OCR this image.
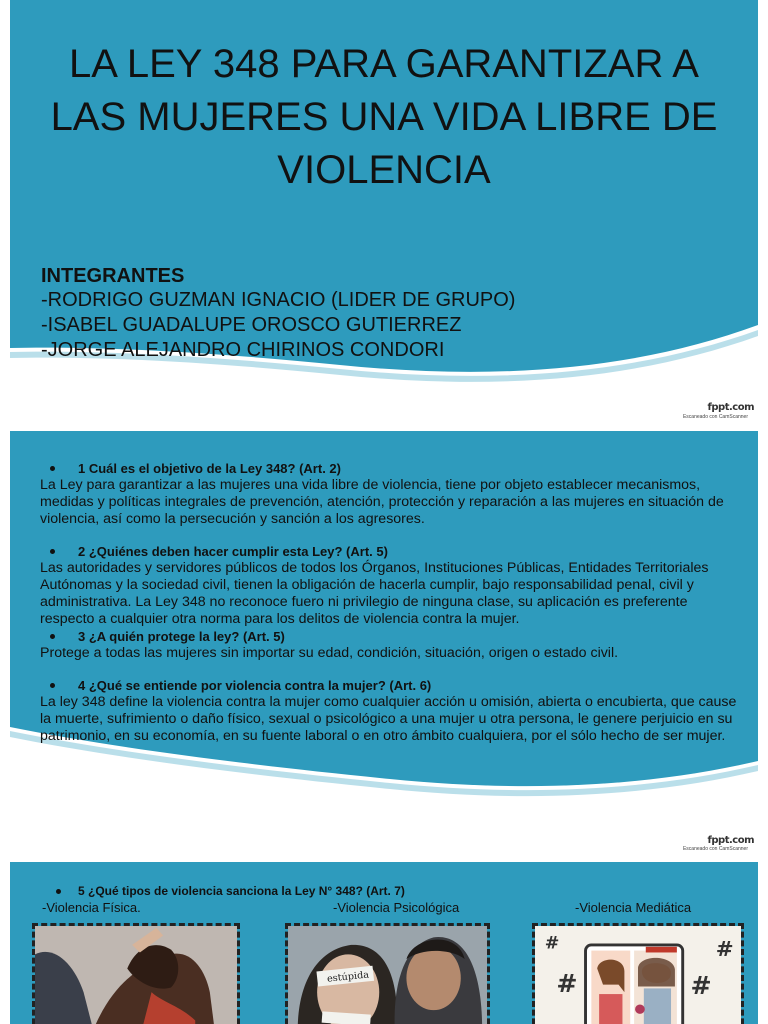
LA LEY 348 PARA GARANTIZAR A LAS MUJERES UNA VIDA LIBRE DE VIOLENCIA
INTEGRANTES
-RODRIGO GUZMAN IGNACIO (LIDER DE GRUPO)
-ISABEL GUADALUPE OROSCO GUTIERREZ
-JORGE ALEJANDRO CHIRINOS CONDORI
fppt.com
Escaneado con CamScanner
1 Cuál es el objetivo de la Ley 348? (Art. 2)

La Ley para garantizar a las mujeres una vida libre de violencia, tiene por objeto establecer mecanismos, medidas y políticas integrales de prevención, atención, protección y reparación a las mujeres en situación de violencia, así como la persecución y sanción a los agresores.

2 ¿Quiénes deben hacer cumplir esta Ley? (Art. 5)

Las autoridades y servidores públicos de todos los Órganos, Instituciones Públicas, Entidades Territoriales Autónomas y la sociedad civil, tienen la obligación de hacerla cumplir, bajo responsabilidad penal, civil y administrativa. La Ley 348 no reconoce fuero ni privilegio de ninguna clase, su aplicación es preferente respecto a cualquier otra norma para los delitos de violencia contra la mujer.

3 ¿A quién protege la ley? (Art. 5)

Protege a todas las mujeres sin importar su edad, condición, situación, origen o estado civil.

4 ¿Qué se entiende por violencia contra la mujer? (Art. 6)

La ley 348 define la violencia contra la mujer como cualquier acción u omisión, abierta o encubierta, que cause la muerte, sufrimiento o daño físico, sexual o psicológico a una mujer u otra persona, le genere perjuicio en su patrimonio, en su economía, en su fuente laboral o en otro ámbito cualquiera, por el sólo hecho de ser mujer.

fppt.com
Escaneado con CamScanner
5 ¿Qué tipos de violencia sanciona la Ley N° 348? (Art. 7)
-Violencia Física.	-Violencia Psicológica	-Violencia Mediática
estúpida
#
#
#
#
